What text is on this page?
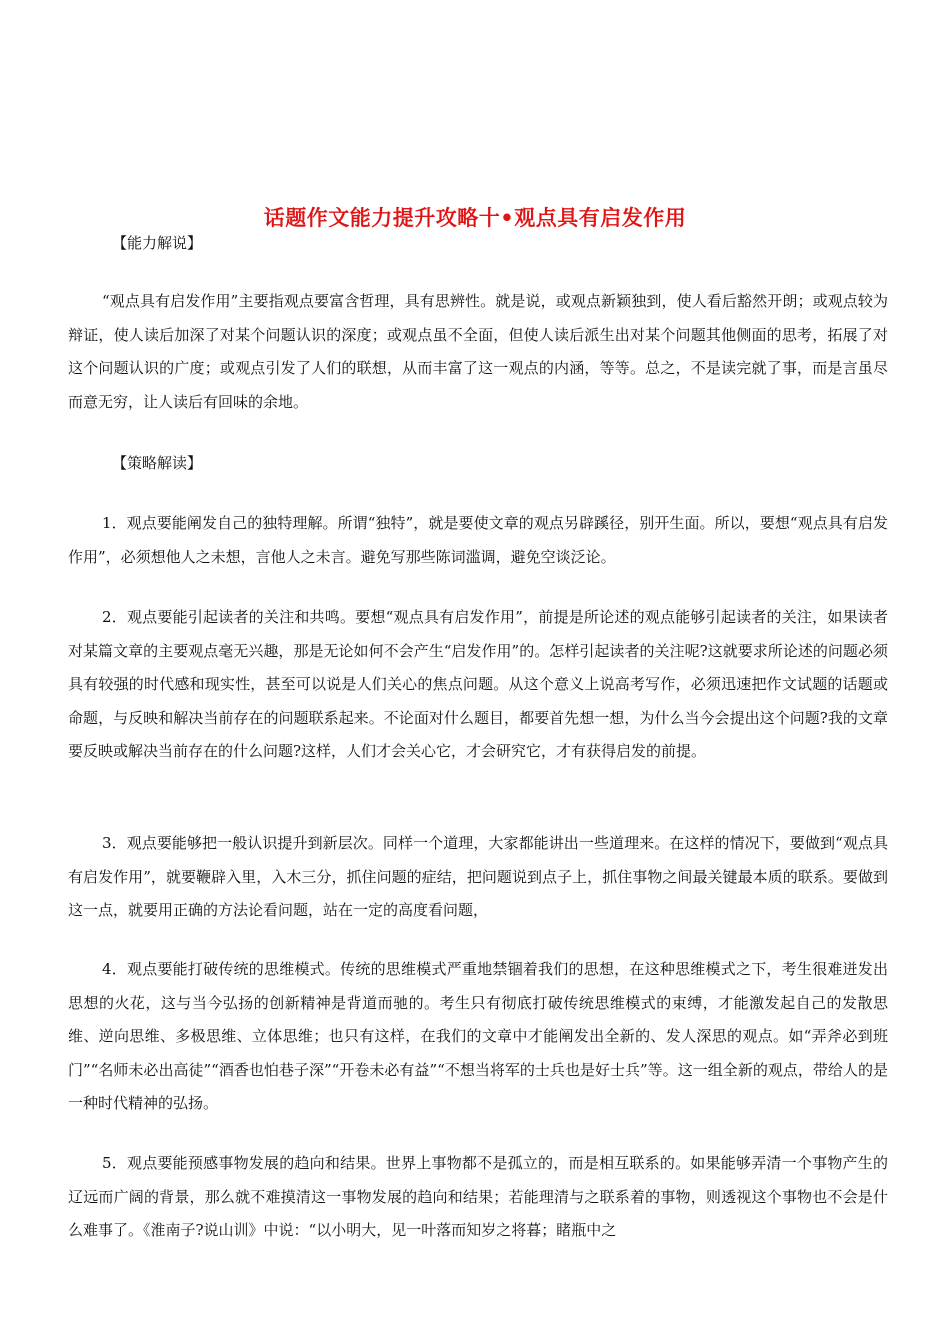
话题作文能力提升攻略十•观点具有启发作用
【能力解说】
“观点具有启发作用”主要指观点要富含哲理，具有思辨性。就是说，或观点新颖独到，使人看后豁然开朗；或观点较为辩证，使人读后加深了对某个问题认识的深度；或观点虽不全面，但使人读后派生出对某个问题其他侧面的思考，拓展了对这个问题认识的广度；或观点引发了人们的联想，从而丰富了这一观点的内涵，等等。总之，不是读完就了事，而是言虽尽而意无穷，让人读后有回味的余地。
【策略解读】
1．观点要能阐发自己的独特理解。所谓“独特”，就是要使文章的观点另辟蹊径，别开生面。所以，要想“观点具有启发作用”，必须想他人之未想，言他人之未言。避免写那些陈词滥调，避免空谈泛论。
2．观点要能引起读者的关注和共鸣。要想“观点具有启发作用”，前提是所论述的观点能够引起读者的关注，如果读者对某篇文章的主要观点毫无兴趣，那是无论如何不会产生“启发作用”的。怎样引起读者的关注呢?这就要求所论述的问题必须具有较强的时代感和现实性，甚至可以说是人们关心的焦点问题。从这个意义上说高考写作，必须迅速把作文试题的话题或命题，与反映和解决当前存在的问题联系起来。不论面对什么题目，都要首先想一想，为什么当今会提出这个问题?我的文章要反映或解决当前存在的什么问题?这样，人们才会关心它，才会研究它，才有获得启发的前提。
3．观点要能够把一般认识提升到新层次。同样一个道理，大家都能讲出一些道理来。在这样的情况下，要做到“观点具有启发作用”，就要鞭辟入里，入木三分，抓住问题的症结，把问题说到点子上，抓住事物之间最关键最本质的联系。要做到这一点，就要用正确的方法论看问题，站在一定的高度看问题，
4．观点要能打破传统的思维模式。传统的思维模式严重地禁锢着我们的思想，在这种思维模式之下，考生很难迸发出思想的火花，这与当今弘扬的创新精神是背道而驰的。考生只有彻底打破传统思维模式的束缚，才能激发起自己的发散思维、逆向思维、多极思维、立体思维；也只有这样，在我们的文章中才能阐发出全新的、发人深思的观点。如“弄斧必到班门”“名师未必出高徒”“酒香也怕巷子深”“开卷未必有益”“不想当将军的士兵也是好士兵”等。这一组全新的观点，带给人的是一种时代精神的弘扬。
5．观点要能预感事物发展的趋向和结果。世界上事物都不是孤立的，而是相互联系的。如果能够弄清一个事物产生的辽远而广阔的背景，那么就不难摸清这一事物发展的趋向和结果；若能理清与之联系着的事物，则透视这个事物也不会是什么难事了。《淮南子?说山训》中说：“以小明大，见一叶落而知岁之将暮；睹瓶中之
